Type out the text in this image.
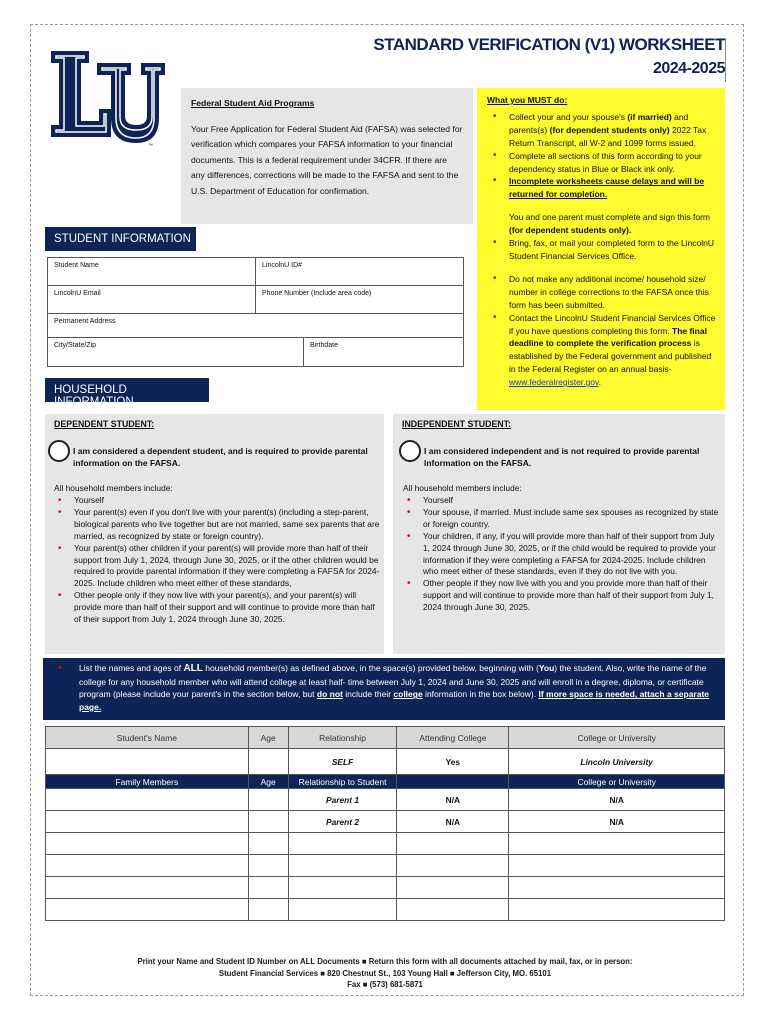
™
STANDARD VERIFICATION (V1) WORKSHEET
2024-2025
Federal Student Aid Programs
Your Free Application for Federal Student Aid (FAFSA) was selected for verification which compares your FAFSA information to your financial documents. This is a federal requirement under 34CFR. If there are any differences, corrections will be made to the FAFSA and sent to the U.S. Department of Education for confirmation.
What you MUST do:
• Collect your and your spouse's (if married) and parents(s) (for dependent students only) 2022 Tax Return Transcript, all W-2 and 1099 forms issued.
• Complete all sections of this form according to your dependency status in Blue or Black ink only.
• Incomplete worksheets cause delays and will be returned for completion.
You and one parent must complete and sign this form (for dependent students only).
• Bring, fax, or mail your completed form to the LincolnU Student Financial Services Office.
• Do not make any additional income/ household size/ number in college corrections to the FAFSA once this form has been submitted.
• Contact the LincolnU Student Financial Services Office if you have questions completing this form. The final deadline to complete the verification process is established by the Federal government and published in the Federal Register on an annual basis- www.federalregister.gov.
STUDENT INFORMATION
Student Name	LincolnU ID#
LincolnU Email	Phone Number (Include area code)
Permanent Address
City/State/Zip	Birthdate
HOUSEHOLD INFORMATION
DEPENDENT STUDENT:
I am considered a dependent student, and is required to provide parental information on the FAFSA.
All household members include:
• Yourself
• Your parent(s) even if you don't live with your parent(s) (including a step-parent, biological parents who live together but are not married, same sex parents that are married, as recognized by state or foreign country).
• Your parent(s) other children if your parent(s) will provide more than half of their support from July 1, 2024, through June 30, 2025, or if the other children would be required to provide parental information if they were completing a FAFSA for 2024-2025. Include children who meet either of these standards,
• Other people only if they now live with your parent(s), and your parent(s) will provide more than half of their support and will continue to provide more than half of their support from July 1, 2024 through June 30, 2025.
INDEPENDENT STUDENT:
I am considered independent and is not required to provide parental Information on the FAFSA.
All household members include:
• Yourself
• Your spouse, if married. Must include same sex spouses as recognized by state or foreign country.
• Your children, if any, if you will provide more than half of their support from July 1, 2024 through June 30, 2025, or if the child would be required to provide your information if they were completing a FAFSA for 2024-2025. Include children who meet either of these standards, even if they do not live with you.
• Other people if they now live with you and you provide more than half of their support and will continue to provide more than half of their support from July 1, 2024 through June 30, 2025.
• List the names and ages of ALL household member(s) as defined above, in the space(s) provided below, beginning with (You) the student. Also, write the name of the college for any household member who will attend college at least half- time between July 1, 2024 and June 30, 2025 and will enroll in a degree, diploma, or certificate program (please include your parent's in the section below, but do not include their college information in the box below). If more space is needed, attach a separate page.
Student's Name	Age	Relationship	Attending College	College or University
		SELF	Yes	Lincoln University
Family Members	Age	Relationship to Student		College or University
		Parent 1	N/A	N/A
		Parent 2	N/A	N/A

Print your Name and Student ID Number on ALL Documents ■ Return this form with all documents attached by mail, fax, or in person:
Student Financial Services ■ 820 Chestnut St., 103 Young Hall ■ Jefferson City, MO. 65101
Fax ■ (573) 681-5871
